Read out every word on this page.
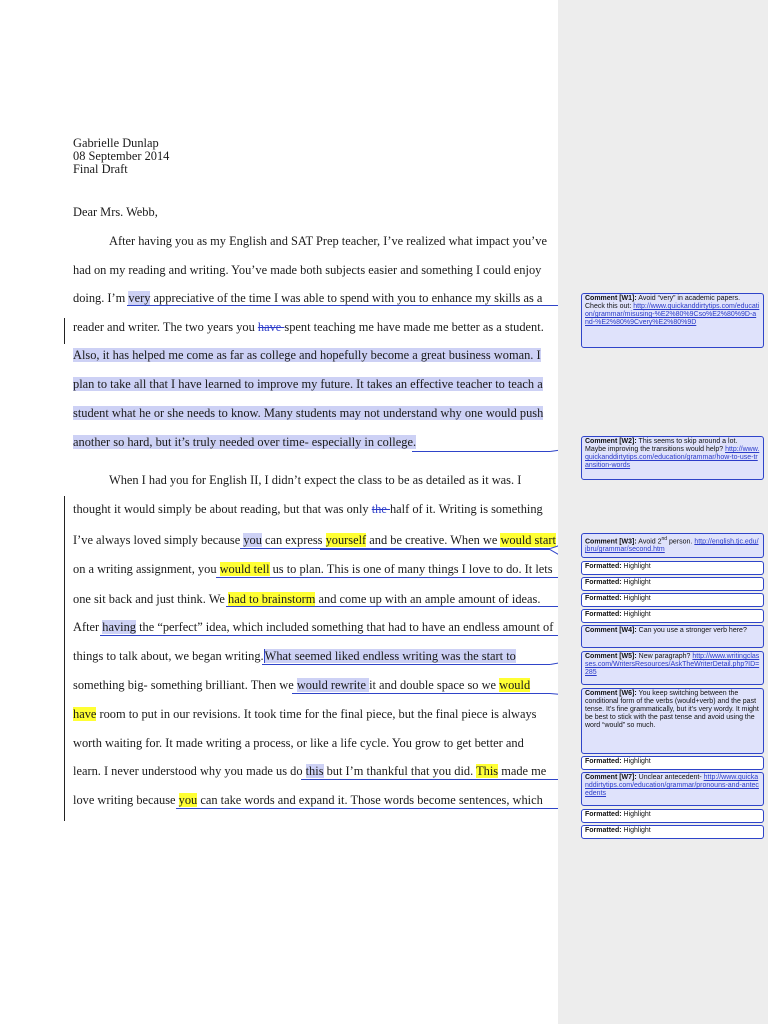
Gabrielle Dunlap
08 September 2014
Final Draft
Dear Mrs. Webb,
After having you as my English and SAT Prep teacher, I’ve realized what impact you’ve
had on my reading and writing. You’ve made both subjects easier and something I could enjoy
doing. I’m very appreciative of the time I was able to spend with you to enhance my skills as a
reader and writer. The two years you have spent teaching me have made me better as a student.
Also, it has helped me come as far as college and hopefully become a great business woman. I
plan to take all that I have learned to improve my future. It takes an effective teacher to teach a
student what he or she needs to know. Many students may not understand why one would push
another so hard, but it’s truly needed over time- especially in college.
When I had you for English II, I didn’t expect the class to be as detailed as it was. I
thought it would simply be about reading, but that was only the half of it. Writing is something
I’ve always loved simply because you can express yourself and be creative. When we would start
on a writing assignment, you would tell us to plan. This is one of many things I love to do. It lets
one sit back and just think. We had to brainstorm and come up with an ample amount of ideas.
After having the “perfect” idea, which included something that had to have an endless amount of
things to talk about, we began writing.What seemed liked endless writing was the start to
something big- something brilliant. Then we would rewrite it and double space so we would
have room to put in our revisions. It took time for the final piece, but the final piece is always
worth waiting for. It made writing a process, or like a life cycle. You grow to get better and
learn. I never understood why you made us do this but I’m thankful that you did. This made me
love writing because you can take words and expand it. Those words become sentences, which
Comment [W1]: Avoid “very” in academic papers. Check this out: http://www.quickanddirtytips.com/education/grammar/misusing-%E2%80%9Cso%E2%80%9D-and-%E2%80%9Cvery%E2%80%9D
Comment [W2]: This seems to skip around a lot. Maybe improving the transitions would help? http://www.quickanddirtytips.com/education/grammar/how-to-use-transition-words
Comment [W3]: Avoid 2nd person. http://english.tjc.edu/jbru/grammar/second.htm
Formatted: Highlight
Formatted: Highlight
Formatted: Highlight
Formatted: Highlight
Comment [W4]: Can you use a stronger verb here?
Comment [W5]: New paragraph? http://www.writingclasses.com/WritersResources/AskTheWriterDetail.php?ID=285
Comment [W6]: You keep switching between the conditional form of the verbs (would+verb) and the past tense. It’s fine grammatically, but it’s very wordy. It might be best to stick with the past tense and avoid using the word “would” so much.
Formatted: Highlight
Comment [W7]: Unclear antecedent- http://www.quickanddirtytips.com/education/grammar/pronouns-and-antecedents
Formatted: Highlight
Formatted: Highlight
